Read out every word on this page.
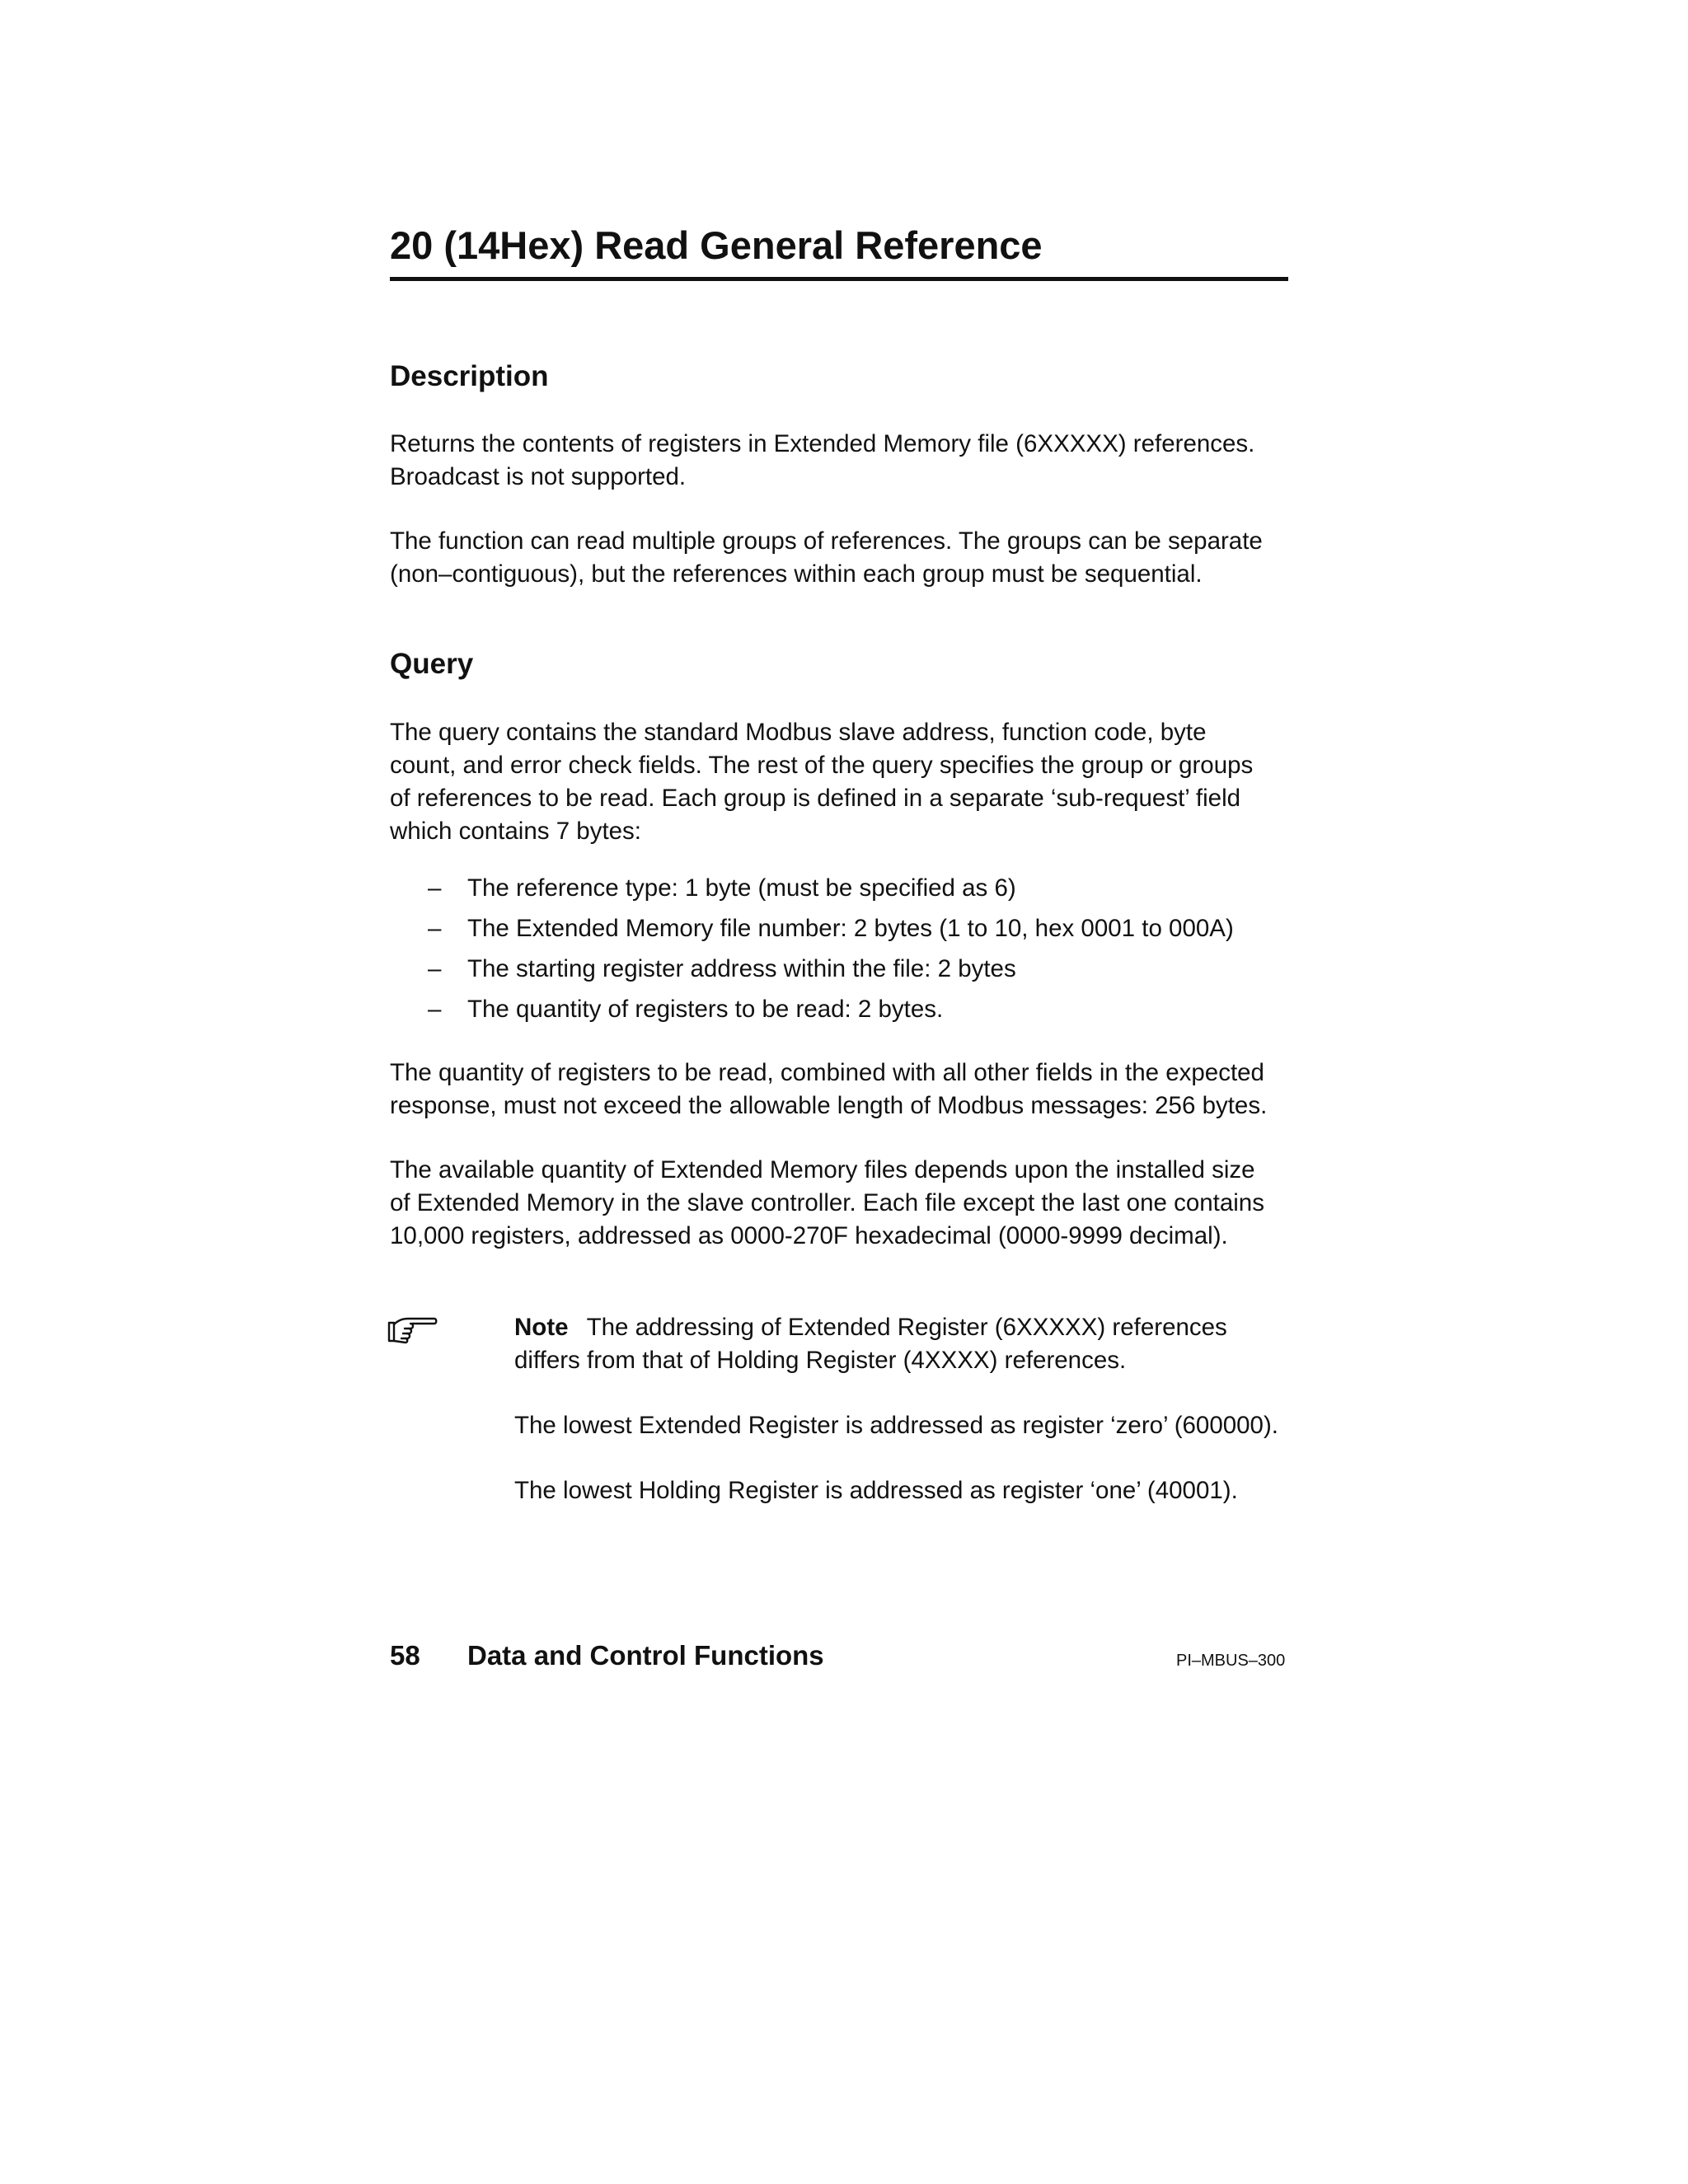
20 (14Hex) Read General Reference
Description

Returns the contents of registers in Extended Memory file (6XXXXX) references.
Broadcast is not supported.

The function can read multiple groups of references. The groups can be separate
(non–contiguous), but the references within each group must be sequential.

Query

The query contains the standard Modbus slave address, function code, byte
count, and error check fields. The rest of the query specifies the group or groups
of references to be read. Each group is defined in a separate ‘sub-request’ field
which contains 7 bytes:

– The reference type: 1 byte (must be specified as 6)
– The Extended Memory file number: 2 bytes (1 to 10, hex 0001 to 000A)
– The starting register address within the file: 2 bytes
– The quantity of registers to be read: 2 bytes.

The quantity of registers to be read, combined with all other fields in the expected
response, must not exceed the allowable length of Modbus messages: 256 bytes.

The available quantity of Extended Memory files depends upon the installed size
of Extended Memory in the slave controller. Each file except the last one contains
10,000 registers, addressed as 0000-270F hexadecimal (0000-9999 decimal).

Note The addressing of Extended Register (6XXXXX) references
differs from that of Holding Register (4XXXX) references.

The lowest Extended Register is addressed as register ‘zero’ (600000).

The lowest Holding Register is addressed as register ‘one’ (40001).

58 Data and Control Functions	PI–MBUS–300
